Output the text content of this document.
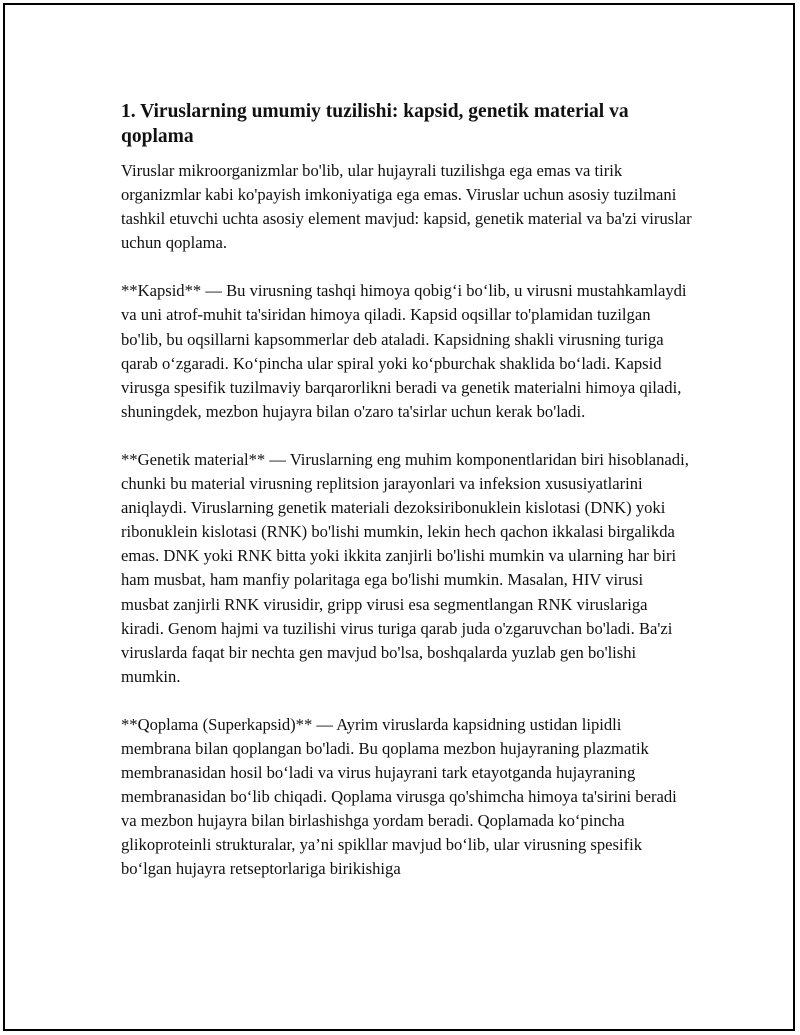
1. Viruslarning umumiy tuzilishi: kapsid, genetik material va qoplama

Viruslar mikroorganizmlar bo'lib, ular hujayrali tuzilishga ega emas va tirik organizmlar kabi ko'payish imkoniyatiga ega emas. Viruslar uchun asosiy tuzilmani tashkil etuvchi uchta asosiy element mavjud: kapsid, genetik material va ba'zi viruslar uchun qoplama.

**Kapsid** — Bu virusning tashqi himoya qobig‘i bo‘lib, u virusni mustahkamlaydi va uni atrof-muhit ta'siridan himoya qiladi. Kapsid oqsillar to'plamidan tuzilgan bo'lib, bu oqsillarni kapsommerlar deb ataladi. Kapsidning shakli virusning turiga qarab o‘zgaradi. Ko‘pincha ular spiral yoki ko‘pburchak shaklida bo‘ladi. Kapsid virusga spesifik tuzilmaviy barqarorlikni beradi va genetik materialni himoya qiladi, shuningdek, mezbon hujayra bilan o'zaro ta'sirlar uchun kerak bo'ladi.

**Genetik material** — Viruslarning eng muhim komponentlaridan biri hisoblanadi, chunki bu material virusning replitsion jarayonlari va infeksion xususiyatlarini aniqlaydi. Viruslarning genetik materiali dezoksiribonuklein kislotasi (DNK) yoki ribonuklein kislotasi (RNK) bo'lishi mumkin, lekin hech qachon ikkalasi birgalikda emas. DNK yoki RNK bitta yoki ikkita zanjirli bo'lishi mumkin va ularning har biri ham musbat, ham manfiy polaritaga ega bo'lishi mumkin. Masalan, HIV virusi musbat zanjirli RNK virusidir, gripp virusi esa segmentlangan RNK viruslariga kiradi. Genom hajmi va tuzilishi virus turiga qarab juda o'zgaruvchan bo'ladi. Ba'zi viruslarda faqat bir nechta gen mavjud bo'lsa, boshqalarda yuzlab gen bo'lishi mumkin.

**Qoplama (Superkapsid)** — Ayrim viruslarda kapsidning ustidan lipidli membrana bilan qoplangan bo'ladi. Bu qoplama mezbon hujayraning plazmatik membranasidan hosil bo‘ladi va virus hujayrani tark etayotganda hujayraning membranasidan bo‘lib chiqadi. Qoplama virusga qo'shimcha himoya ta'sirini beradi va mezbon hujayra bilan birlashishga yordam beradi. Qoplamada ko‘pincha glikoproteinli strukturalar, ya’ni spikllar mavjud bo‘lib, ular virusning spesifik bo‘lgan hujayra retseptorlariga birikishiga
